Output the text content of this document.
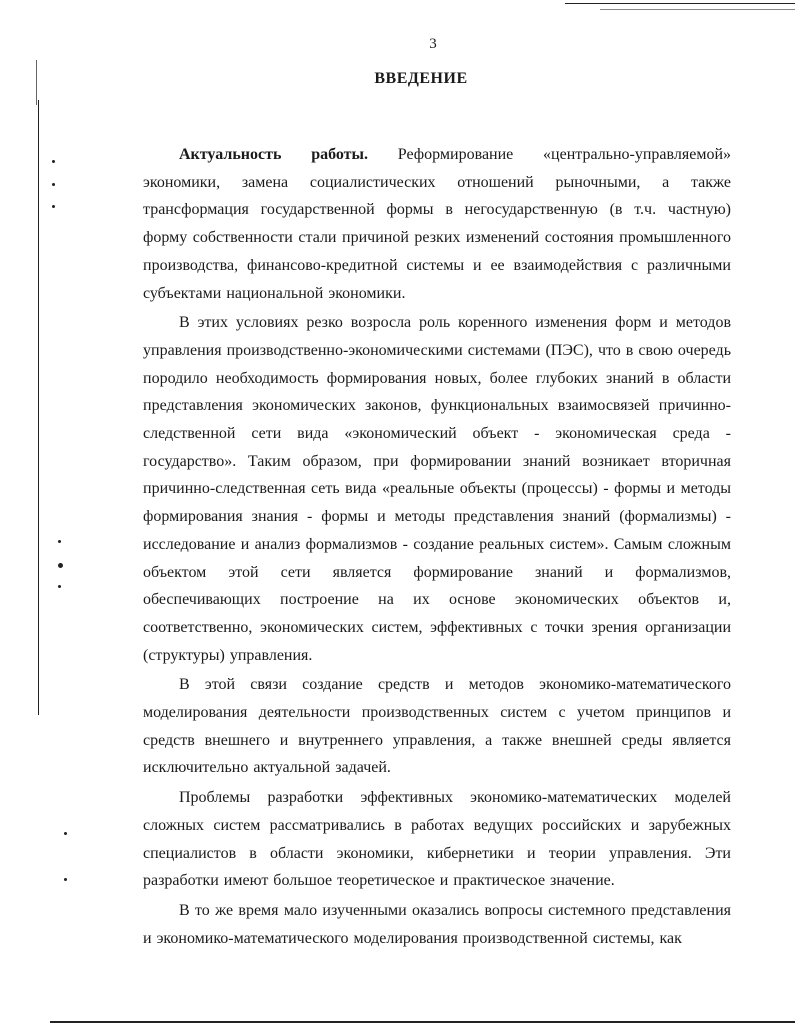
3
ВВЕДЕНИЕ

Актуальность работы. Реформирование «центрально-управляемой» экономики, замена социалистических отношений рыночными, а также трансформация государственной формы в негосударственную (в т.ч. частную) форму собственности стали причиной резких изменений состояния промышленного производства, финансово-кредитной системы и ее взаимодействия с различными субъектами национальной экономики.

В этих условиях резко возросла роль коренного изменения форм и методов управления производственно-экономическими системами (ПЭС), что в свою очередь породило необходимость формирования новых, более глубоких знаний в области представления экономических законов, функциональных взаимосвязей причинно-следственной сети вида «экономический объект - экономическая среда - государство». Таким образом, при формировании знаний возникает вторичная причинно-следственная сеть вида «реальные объекты (процессы) - формы и методы формирования знания - формы и методы представления знаний (формализмы) - исследование и анализ формализмов - создание реальных систем». Самым сложным объектом этой сети является формирование знаний и формализмов, обеспечивающих построение на их основе экономических объектов и, соответственно, экономических систем, эффективных с точки зрения организации (структуры) управления.

В этой связи создание средств и методов экономико-математического моделирования деятельности производственных систем с учетом принципов и средств внешнего и внутреннего управления, а также внешней среды является исключительно актуальной задачей.

Проблемы разработки эффективных экономико-математических моделей сложных систем рассматривались в работах ведущих российских и зарубежных специалистов в области экономики, кибернетики и теории управления. Эти разработки имеют большое теоретическое и практическое значение.

В то же время мало изученными оказались вопросы системного представления и экономико-математического моделирования производственной системы, как
